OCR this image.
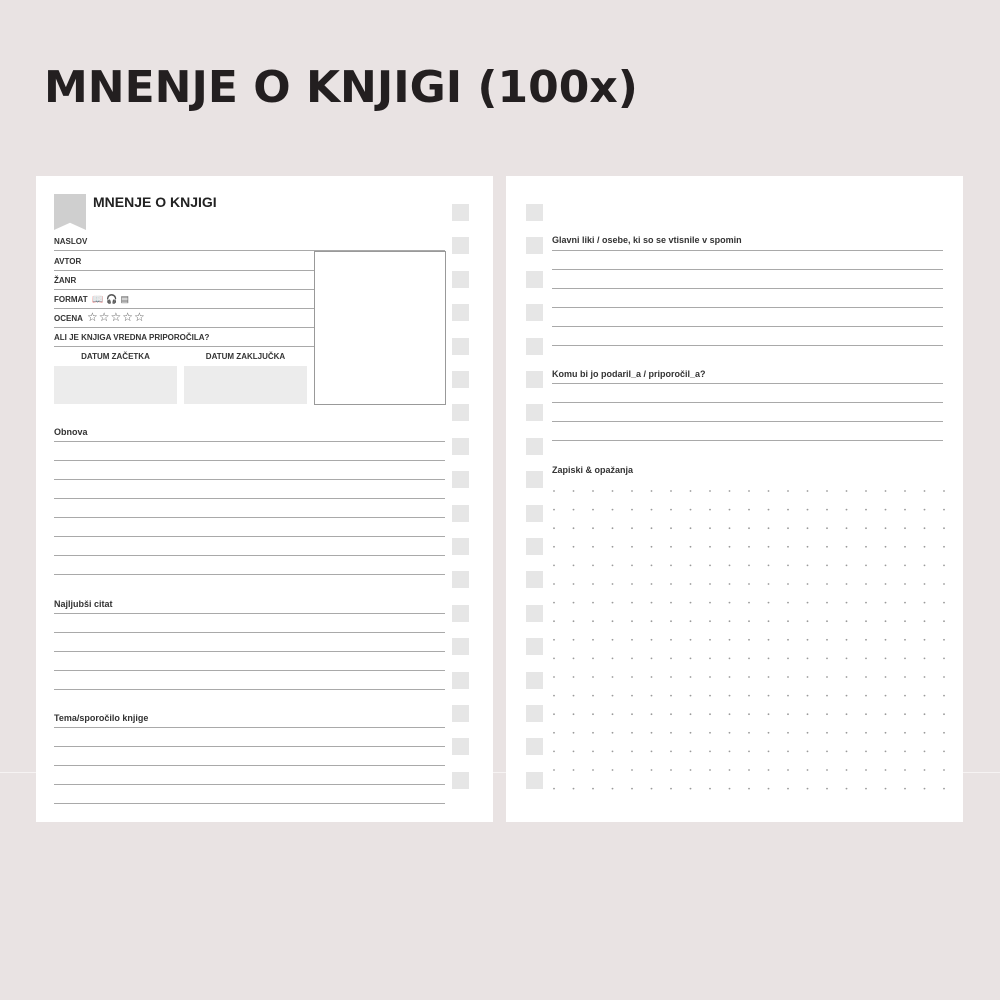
MNENJE O KNJIGI (100x)
MNENJE O KNJIGI
NASLOV
AVTOR
ŽANR
FORMAT 📖🎧▤
OCENA ☆☆☆☆☆
ALI JE KNJIGA VREDNA PRIPOROČILA?
DATUM ZAČETKA	DATUM ZAKLJUČKA
Obnova
Najljubši citat
Tema/sporočilo knjige
Glavni liki / osebe, ki so se vtisnile v spomin
Komu bi jo podaril_a / priporočil_a?
Zapiski & opažanja
